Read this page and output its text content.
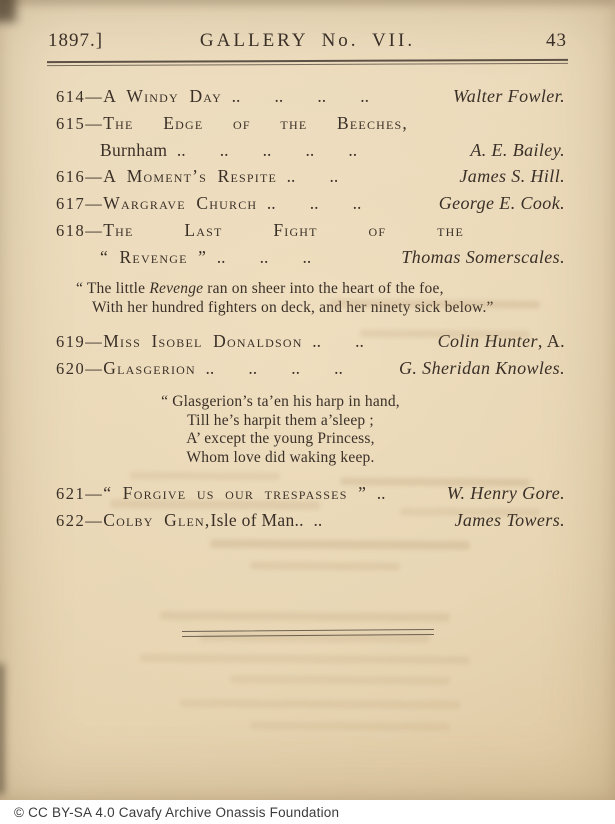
1897.]	GALLERY No. VII.	43
614 — A Windy Day .. .. .. ..	Walter Fowler.
615—The Edge of the Beeches,
Burnham .. .. .. .. ..	A. E. Bailey.
616 — A Moment’s Respite .. ..	James S. Hill.
617 — Wargrave Church .. .. ..	George E. Cook.
618—The Last Fight of the
“ Revenge ” .. .. ..	Thomas Somerscales.
“ The little Revenge ran on sheer into the heart of the foe,
With her hundred fighters on deck, and her ninety sick below.”
619 — Miss Isobel Donaldson .. ..	Colin Hunter, A.
620 — Glasgerion .. .. .. ..	G. Sheridan Knowles.
“ Glasgerion’s ta’en his harp in hand,
Till he’s harpit them a’sleep ;
A’ except the young Princess,
Whom love did waking keep.
621 — “ Forgive us our trespasses ” ..	W. Henry Gore.
622 — Colby Glen, Isle of Man.. ..	James Towers.
© CC BY-SA 4.0 Cavafy Archive Onassis Foundation
